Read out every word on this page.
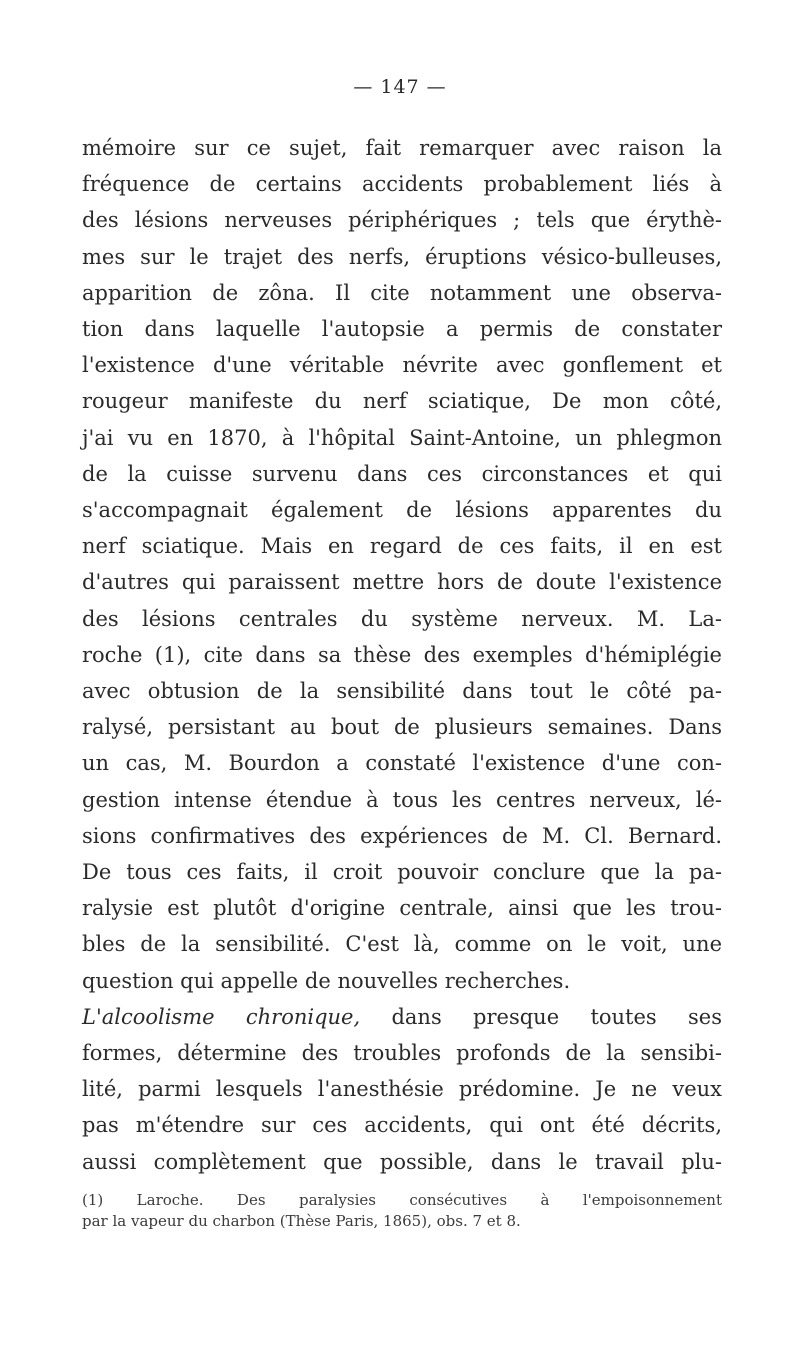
— 147 —
mémoire sur ce sujet, fait remarquer avec raison la
fréquence de certains accidents probablement liés à
des lésions nerveuses périphériques ; tels que érythè-
mes sur le trajet des nerfs, éruptions vésico-bulleuses,
apparition de zôna. Il cite notamment une observa-
tion dans laquelle l'autopsie a permis de constater
l'existence d'une véritable névrite avec gonflement et
rougeur manifeste du nerf sciatique, De mon côté,
j'ai vu en 1870, à l'hôpital Saint-Antoine, un phlegmon
de la cuisse survenu dans ces circonstances et qui
s'accompagnait également de lésions apparentes du
nerf sciatique. Mais en regard de ces faits, il en est
d'autres qui paraissent mettre hors de doute l'existence
des lésions centrales du système nerveux. M. La-
roche (1), cite dans sa thèse des exemples d'hémiplégie
avec obtusion de la sensibilité dans tout le côté pa-
ralysé, persistant au bout de plusieurs semaines. Dans
un cas, M. Bourdon a constaté l'existence d'une con-
gestion intense étendue à tous les centres nerveux, lé-
sions confirmatives des expériences de M. Cl. Bernard.
De tous ces faits, il croit pouvoir conclure que la pa-
ralysie est plutôt d'origine centrale, ainsi que les trou-
bles de la sensibilité. C'est là, comme on le voit, une
question qui appelle de nouvelles recherches.
L'alcoolisme chronique, dans presque toutes ses
formes, détermine des troubles profonds de la sensibi-
lité, parmi lesquels l'anesthésie prédomine. Je ne veux
pas m'étendre sur ces accidents, qui ont été décrits,
aussi complètement que possible, dans le travail plu-
(1) Laroche. Des paralysies consécutives à l'empoisonnement
par la vapeur du charbon (Thèse Paris, 1865), obs. 7 et 8.
